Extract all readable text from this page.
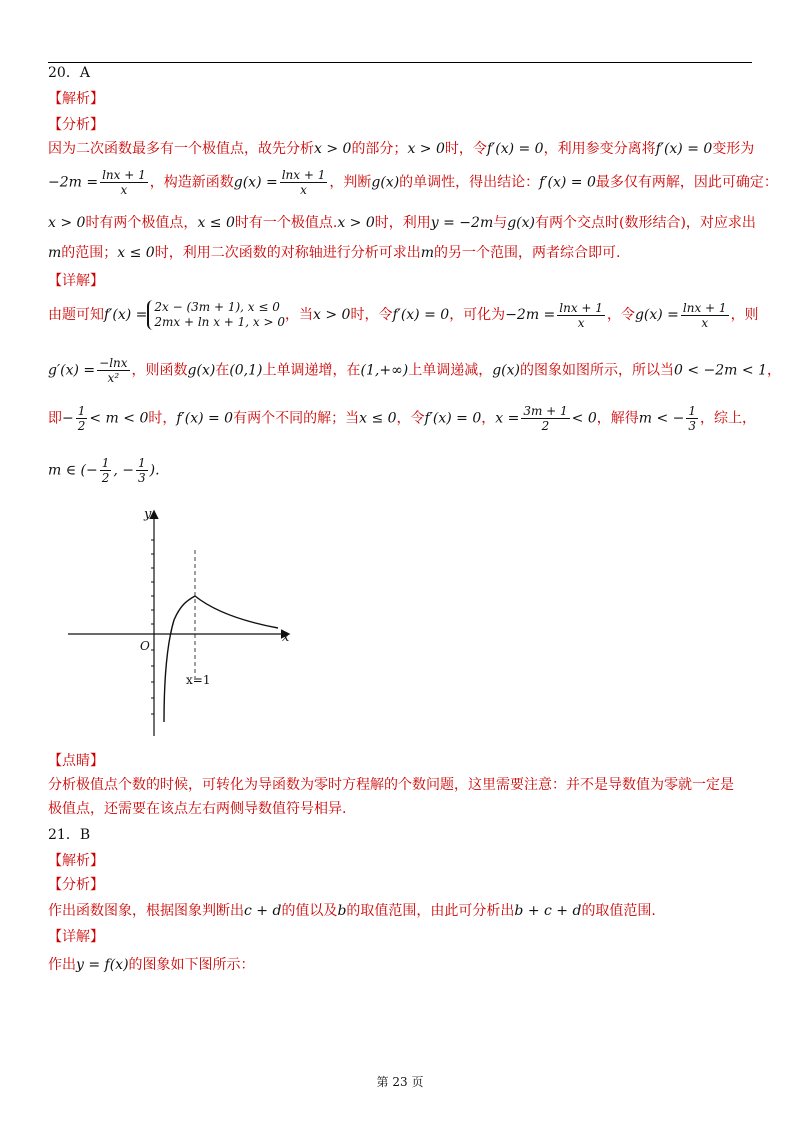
20．A
【解析】
【分析】
因为二次函数最多有一个极值点，故先分析x > 0的部分；x > 0时，令f′(x) = 0，利用参变分离将f′(x) = 0变形为
$-2m = \frac{\ln x + 1}{x}$ ，构造新函数$g(x) = \frac{\ln x + 1}{x}$ ，判断g(x)的单调性，得出结论：f′(x) = 0最多仅有两解，因此可确定：
x > 0时有两个极值点，x ≤ 0时有一个极值点.x > 0时，利用y = −2m与g(x)有两个交点时(数形结合)，对应求出
m的范围；x ≤ 0时，利用二次函数的对称轴进行分析可求出m的另一个范围，两者综合即可.
【详解】
由题可知f′(x) = 2x − (3m + 1), x ≤ 0
2mx + ln x + 1, x > 0 ，当x > 0时，令f′(x) = 0，可化为$-2m = \frac{\ln x + 1}{x}$ ，令$g(x) = \frac{\ln x + 1}{x}$ ，则
$g'(x) = \frac{-\ln x}{\text{x²}}$ ，则函数g(x)在(0,1)上单调递增，在(1,+∞)上单调递减，g(x)的图象如图所示，所以当0 < −2m < 1，
即− $\frac{1}{2} < m < 0$时，f′(x) = 0有两个不同的解；当x ≤ 0，令f′(x) = 0，$x = \frac{3m + 1}{2} < 0$，解得m < − $\frac{1}{3}$ ，综上，
m ∈ (− $\frac{1}{2}$ , − $\frac{1}{3}$ ).
y
x
O
x=1
【点睛】
分析极值点个数的时候，可转化为导函数为零时方程解的个数问题，这里需要注意：并不是导数值为零就一定是
极值点，还需要在该点左右两侧导数值符号相异.
21．B
【解析】
【分析】
作出函数图象，根据图象判断出c + d的值以及b的取值范围，由此可分析出b + c + d的取值范围.
【详解】
作出y = f(x)的图象如下图所示：
第 23 页
